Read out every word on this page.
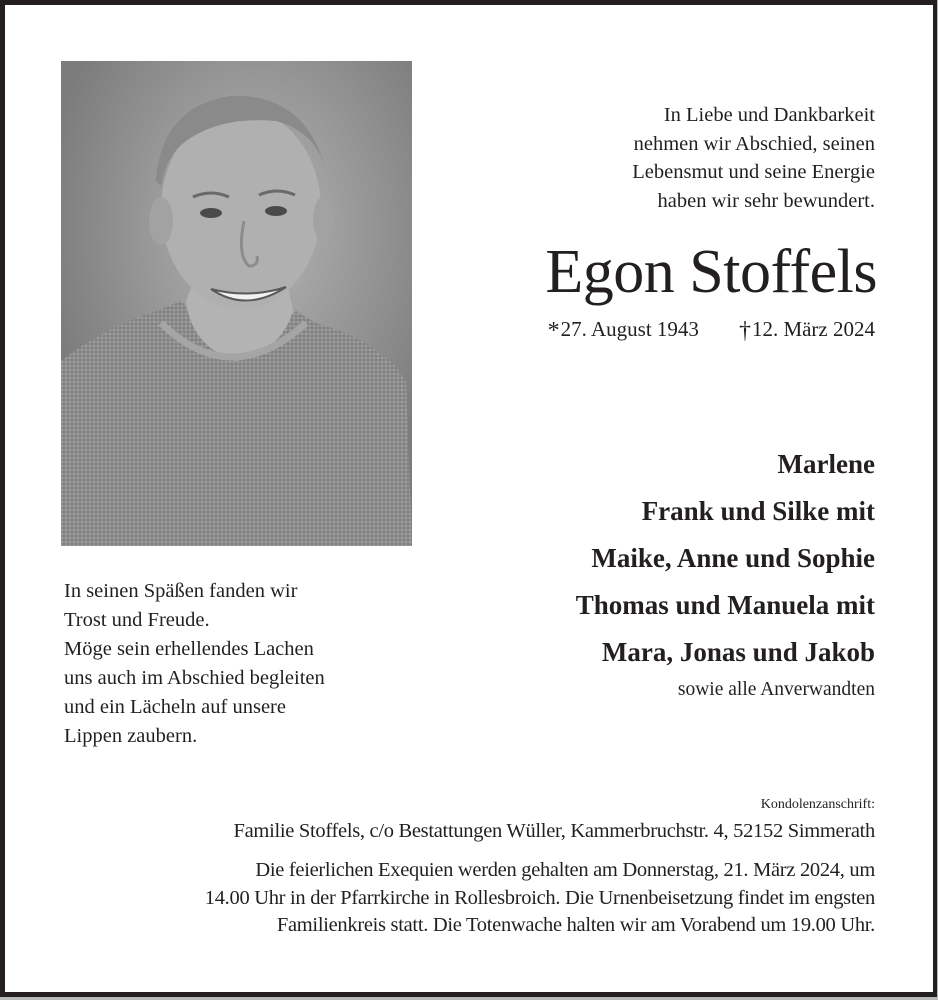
In Liebe und Dankbarkeit
nehmen wir Abschied, seinen
Lebensmut und seine Energie
haben wir sehr bewundert.
Egon Stoffels
*27. August 1943 †12. März 2024
Marlene
Frank und Silke mit
Maike, Anne und Sophie
Thomas und Manuela mit
Mara, Jonas und Jakob
sowie alle Anverwandten
In seinen Späßen fanden wir
Trost und Freude.
Möge sein erhellendes Lachen
uns auch im Abschied begleiten
und ein Lächeln auf unsere
Lippen zaubern.
Kondolenzanschrift:
Familie Stoffels, c/o Bestattungen Wüller, Kammerbruchstr. 4, 52152 Simmerath
Die feierlichen Exequien werden gehalten am Donnerstag, 21. März 2024, um
14.00 Uhr in der Pfarrkirche in Rollesbroich. Die Urnenbeisetzung findet im engsten
Familienkreis statt. Die Totenwache halten wir am Vorabend um 19.00 Uhr.
